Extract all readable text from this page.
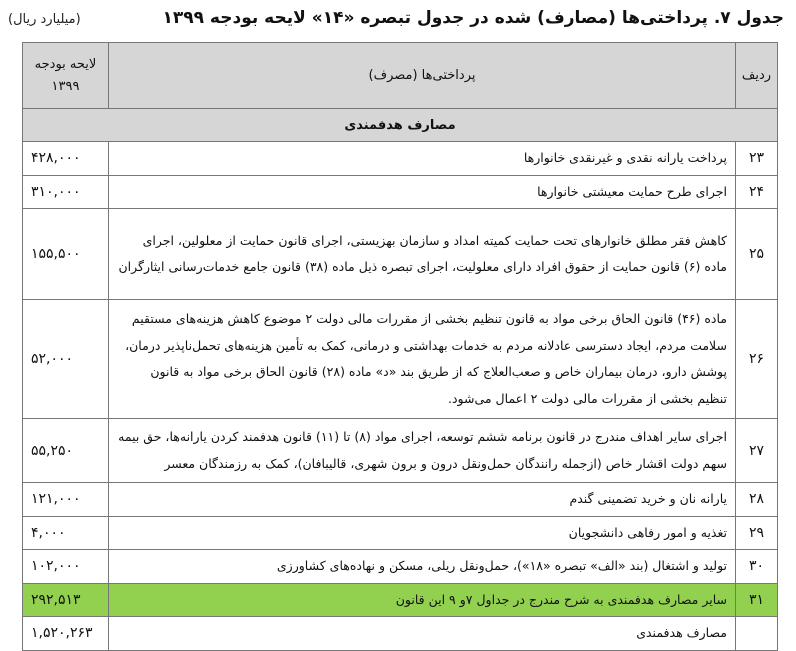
جدول ۷. پرداختی‌ها (مصارف) شده در جدول تبصره «۱۴» لایحه بودجه ۱۳۹۹
(میلیارد ریال)
ردیف	پرداختی‌ها (مصرف)	لایحه بودجه ۱۳۹۹
مصارف هدفمندی		
۲۳	پرداخت یارانه نقدی و غیرنقدی خانوارها	۴۲۸,۰۰۰
۲۴	اجرای طرح حمایت معیشتی خانوارها	۳۱۰,۰۰۰
۲۵	کاهش فقر مطلق خانوارهای تحت حمایت کمیته امداد و سازمان بهزیستی، اجرای قانون حمایت از معلولین، اجرای ماده (۶) قانون حمایت از حقوق افراد دارای معلولیت، اجرای تبصره ذیل ماده (۳۸) قانون جامع خدمات‌رسانی ایثارگران	۱۵۵,۵۰۰
۲۶	ماده (۴۶) قانون الحاق برخی مواد به قانون تنظیم بخشی از مقررات مالی دولت ۲ موضوع کاهش هزینه‌های مستقیم سلامت مردم، ایجاد دسترسی عادلانه مردم به خدمات بهداشتی و درمانی، کمک به تأمین هزینه‌های تحمل‌ناپذیر درمان، پوشش دارو، درمان بیماران خاص و صعب‌العلاج که از طریق بند «د» ماده (۲۸) قانون الحاق برخی مواد به قانون تنظیم بخشی از مقررات مالی دولت ۲ اعمال می‌شود.	۵۲,۰۰۰
۲۷	اجرای سایر اهداف مندرج در قانون برنامه ششم توسعه، اجرای مواد (۸) تا (۱۱) قانون هدفمند کردن یارانه‌ها، حق بیمه سهم دولت اقشار خاص (ازجمله رانندگان حمل‌ونقل درون و برون شهری، قالیبافان)، کمک به رزمندگان معسر	۵۵,۲۵۰
۲۸	یارانه نان و خرید تضمینی گندم	۱۲۱,۰۰۰
۲۹	تغذیه و امور رفاهی دانشجویان	۴,۰۰۰
۳۰	تولید و اشتغال (بند «الف» تبصره «۱۸»)، حمل‌ونقل ریلی، مسکن و نهاده‌های کشاورزی	۱۰۲,۰۰۰
۳۱	سایر مصارف هدفمندی به شرح مندرج در جداول ۷و ۹ این قانون	۲۹۲,۵۱۳
	مصارف هدفمندی	۱,۵۲۰,۲۶۳
